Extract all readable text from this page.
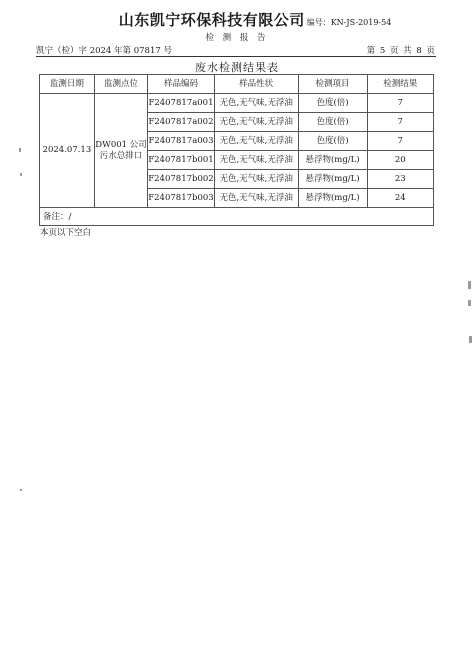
山东凯宁环保科技有限公司 编号：KN-JS-2019-54
检 测 报 告
凯宁（检）字 2024 年第 07817 号	第 5 页 共 8 页
废水检测结果表
监测日期	监测点位	样品编码	样品性状	检测项目	检测结果
2024.07.13	DW001 公司污水总排口	F2407817a001	无色,无气味,无浮油	色度(倍)	7
		F2407817a002	无色,无气味,无浮油	色度(倍)	7
		F2407817a003	无色,无气味,无浮油	色度(倍)	7
		F2407817b001	无色,无气味,无浮油	悬浮物(mg/L)	20
		F2407817b002	无色,无气味,无浮油	悬浮物(mg/L)	23
		F2407817b003	无色,无气味,无浮油	悬浮物(mg/L)	24
备注：/					
本页以下空白
